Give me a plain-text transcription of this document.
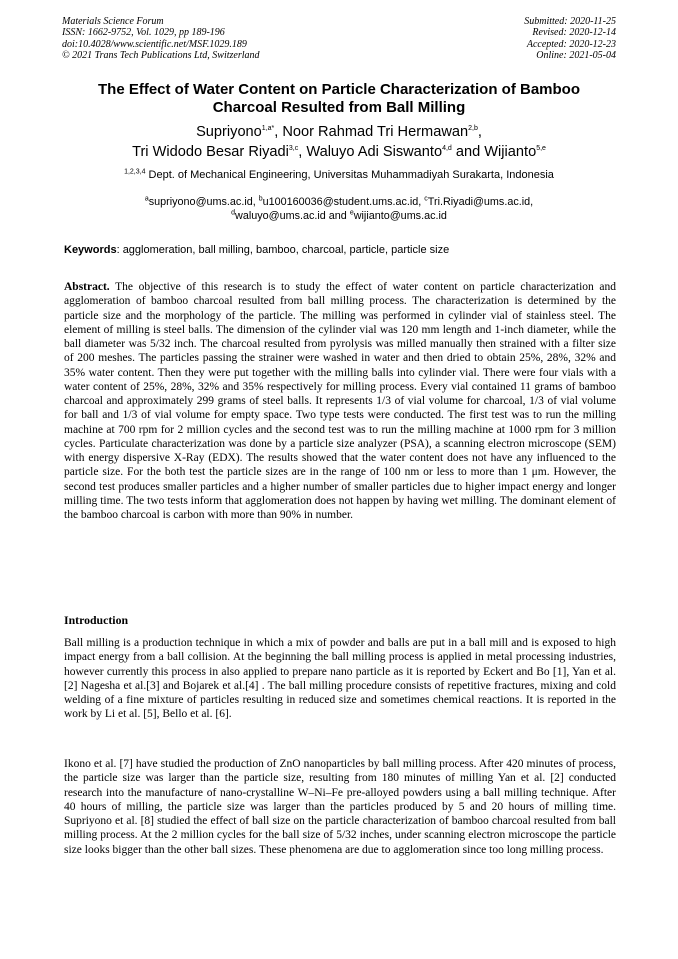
Materials Science Forum
ISSN: 1662-9752, Vol. 1029, pp 189-196
doi:10.4028/www.scientific.net/MSF.1029.189
© 2021 Trans Tech Publications Ltd, Switzerland
Submitted: 2020-11-25
Revised: 2020-12-14
Accepted: 2020-12-23
Online: 2021-05-04
The Effect of Water Content on Particle Characterization of Bamboo
Charcoal Resulted from Ball Milling
Supriyono$^{1,a*}$, Noor Rahmad Tri Hermawan$^{2,b}$,
Tri Widodo Besar Riyadi$^{3,c}$, Waluyo Adi Siswanto$^{4,d}$ and Wijianto$^{5,e}$
$^{1,2,3,4}$ Dept. of Mechanical Engineering, Universitas Muhammadiyah Surakarta, Indonesia
$^a$supriyono@ums.ac.id, $^b$u100160036@student.ums.ac.id, $^c$Tri.Riyadi@ums.ac.id,
$^d$waluyo@ums.ac.id and $^e$wijianto@ums.ac.id
Keywords: agglomeration, ball milling, bamboo, charcoal, particle, particle size

Abstract. The objective of this research is to study the effect of water content on particle characterization and agglomeration of bamboo charcoal resulted from ball milling process. The characterization is determined by the particle size and the morphology of the particle. The milling was performed in cylinder vial of stainless steel. The element of milling is steel balls. The dimension of the cylinder vial was 120 mm length and 1-inch diameter, while the ball diameter was 5/32 inch. The charcoal resulted from pyrolysis was milled manually then strained with a filter size of 200 meshes. The particles passing the strainer were washed in water and then dried to obtain 25%, 28%, 32% and 35% water content. Then they were put together with the milling balls into cylinder vial. There were four vials with a water content of 25%, 28%, 32% and 35% respectively for milling process. Every vial contained 11 grams of bamboo charcoal and approximately 299 grams of steel balls. It represents 1/3 of vial volume for charcoal, 1/3 of vial volume for ball and 1/3 of vial volume for empty space. Two type tests were conducted. The first test was to run the milling machine at 700 rpm for 2 million cycles and the second test was to run the milling machine at 1000 rpm for 3 million cycles. Particulate characterization was done by a particle size analyzer (PSA), a scanning electron microscope (SEM) with energy dispersive X-Ray (EDX). The results showed that the water content does not have any influenced to the particle size. For the both test the particle sizes are in the range of 100 nm or less to more than 1 μm. However, the second test produces smaller particles and a higher number of smaller particles due to higher impact energy and longer milling time. The two tests inform that agglomeration does not happen by having wet milling. The dominant element of the bamboo charcoal is carbon with more than 90% in number.

Introduction

Ball milling is a production technique in which a mix of powder and balls are put in a ball mill and is exposed to high impact energy from a ball collision. At the beginning the ball milling process is applied in metal processing industries, however currently this process in also applied to prepare nano particle as it is reported by Eckert and Bo [1], Yan et al. [2] Nagesha et al.[3] and Bojarek et al.[4] . The ball milling procedure consists of repetitive fractures, mixing and cold welding of a fine mixture of particles resulting in reduced size and sometimes chemical reactions. It is reported in the work by Li et al. [5], Bello et al. [6].

Ikono et al. [7] have studied the production of ZnO nanoparticles by ball milling process. After 420 minutes of process, the particle size was larger than the particle size, resulting from 180 minutes of milling Yan et al. [2] conducted research into the manufacture of nano-crystalline W–Ni–Fe pre-alloyed powders using a ball milling technique. After 40 hours of milling, the particle size was larger than the particles produced by 5 and 20 hours of milling time. Supriyono et al. [8] studied the effect of ball size on the particle characterization of bamboo charcoal resulted from ball milling process. At the 2 million cycles for the ball size of 5/32 inches, under scanning electron microscope the particle size looks bigger than the other ball sizes. These phenomena are due to agglomeration since too long milling process.
